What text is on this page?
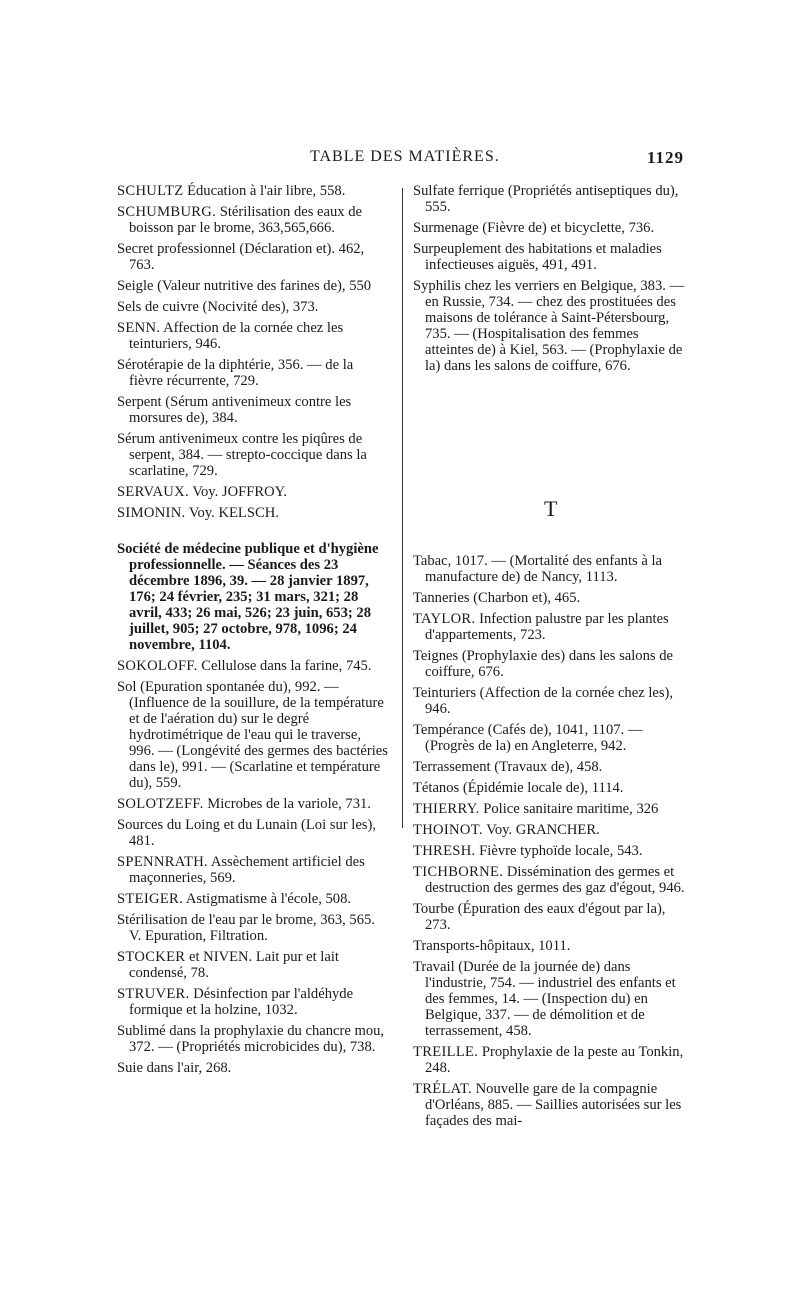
TABLE DES MATIÈRES.	1129
SCHULTZ Éducation à l'air libre, 558.
SCHUMBURG. Stérilisation des eaux de boisson par le brome, 363,565,666.
Secret professionnel (Déclaration et). 462, 763.
Seigle (Valeur nutritive des farines de), 550
Sels de cuivre (Nocivité des), 373.
SENN. Affection de la cornée chez les teinturiers, 946.
Sérotérapie de la diphtérie, 356. — de la fièvre récurrente, 729.
Serpent (Sérum antivenimeux contre les morsures de), 384.
Sérum antivenimeux contre les piqûres de serpent, 384. — strepto-coccique dans la scarlatine, 729.
SERVAUX. Voy. JOFFROY.
SIMONIN. Voy. KELSCH.
Société de médecine publique et d'hygiène professionnelle. — Séances des 23 décembre 1896, 39. — 28 janvier 1897, 176; 24 février, 235; 31 mars, 321; 28 avril, 433; 26 mai, 526; 23 juin, 653; 28 juillet, 905; 27 octobre, 978, 1096; 24 novembre, 1104.
SOKOLOFF. Cellulose dans la farine, 745.
Sol (Epuration spontanée du), 992. — (Influence de la souillure, de la température et de l'aération du) sur le degré hydrotimétrique de l'eau qui le traverse, 996. — (Longévité des germes des bactéries dans le), 991. — (Scarlatine et température du), 559.
SOLOTZEFF. Microbes de la variole, 731.
Sources du Loing et du Lunain (Loi sur les), 481.
SPENNRATH. Assèchement artificiel des maçonneries, 569.
STEIGER. Astigmatisme à l'école, 508.
Stérilisation de l'eau par le brome, 363, 565. V. Epuration, Filtration.
STOCKER et NIVEN. Lait pur et lait condensé, 78.
STRUVER. Désinfection par l'aldéhyde formique et la holzine, 1032.
Sublimé dans la prophylaxie du chancre mou, 372. — (Propriétés microbicides du), 738.
Suie dans l'air, 268.
Sulfate ferrique (Propriétés antiseptiques du), 555.
Surmenage (Fièvre de) et bicyclette, 736.
Surpeuplement des habitations et maladies infectieuses aiguës, 491, 491.
Syphilis chez les verriers en Belgique, 383. — en Russie, 734. — chez des prostituées des maisons de tolérance à Saint-Pétersbourg, 735. — (Hospitalisation des femmes atteintes de) à Kiel, 563. — (Prophylaxie de la) dans les salons de coiffure, 676.
T
Tabac, 1017. — (Mortalité des enfants à la manufacture de) de Nancy, 1113.
Tanneries (Charbon et), 465.
TAYLOR. Infection palustre par les plantes d'appartements, 723.
Teignes (Prophylaxie des) dans les salons de coiffure, 676.
Teinturiers (Affection de la cornée chez les), 946.
Tempérance (Cafés de), 1041, 1107. — (Progrès de la) en Angleterre, 942.
Terrassement (Travaux de), 458.
Tétanos (Épidémie locale de), 1114.
THIERRY. Police sanitaire maritime, 326
THOINOT. Voy. GRANCHER.
THRESH. Fièvre typhoïde locale, 543.
TICHBORNE. Dissémination des germes et destruction des germes des gaz d'égout, 946.
Tourbe (Épuration des eaux d'égout par la), 273.
Transports-hôpitaux, 1011.
Travail (Durée de la journée de) dans l'industrie, 754. — industriel des enfants et des femmes, 14. — (Inspection du) en Belgique, 337. — de démolition et de terrassement, 458.
TREILLE. Prophylaxie de la peste au Tonkin, 248.
TRÉLAT. Nouvelle gare de la compagnie d'Orléans, 885. — Saillies autorisées sur les façades des mai-
